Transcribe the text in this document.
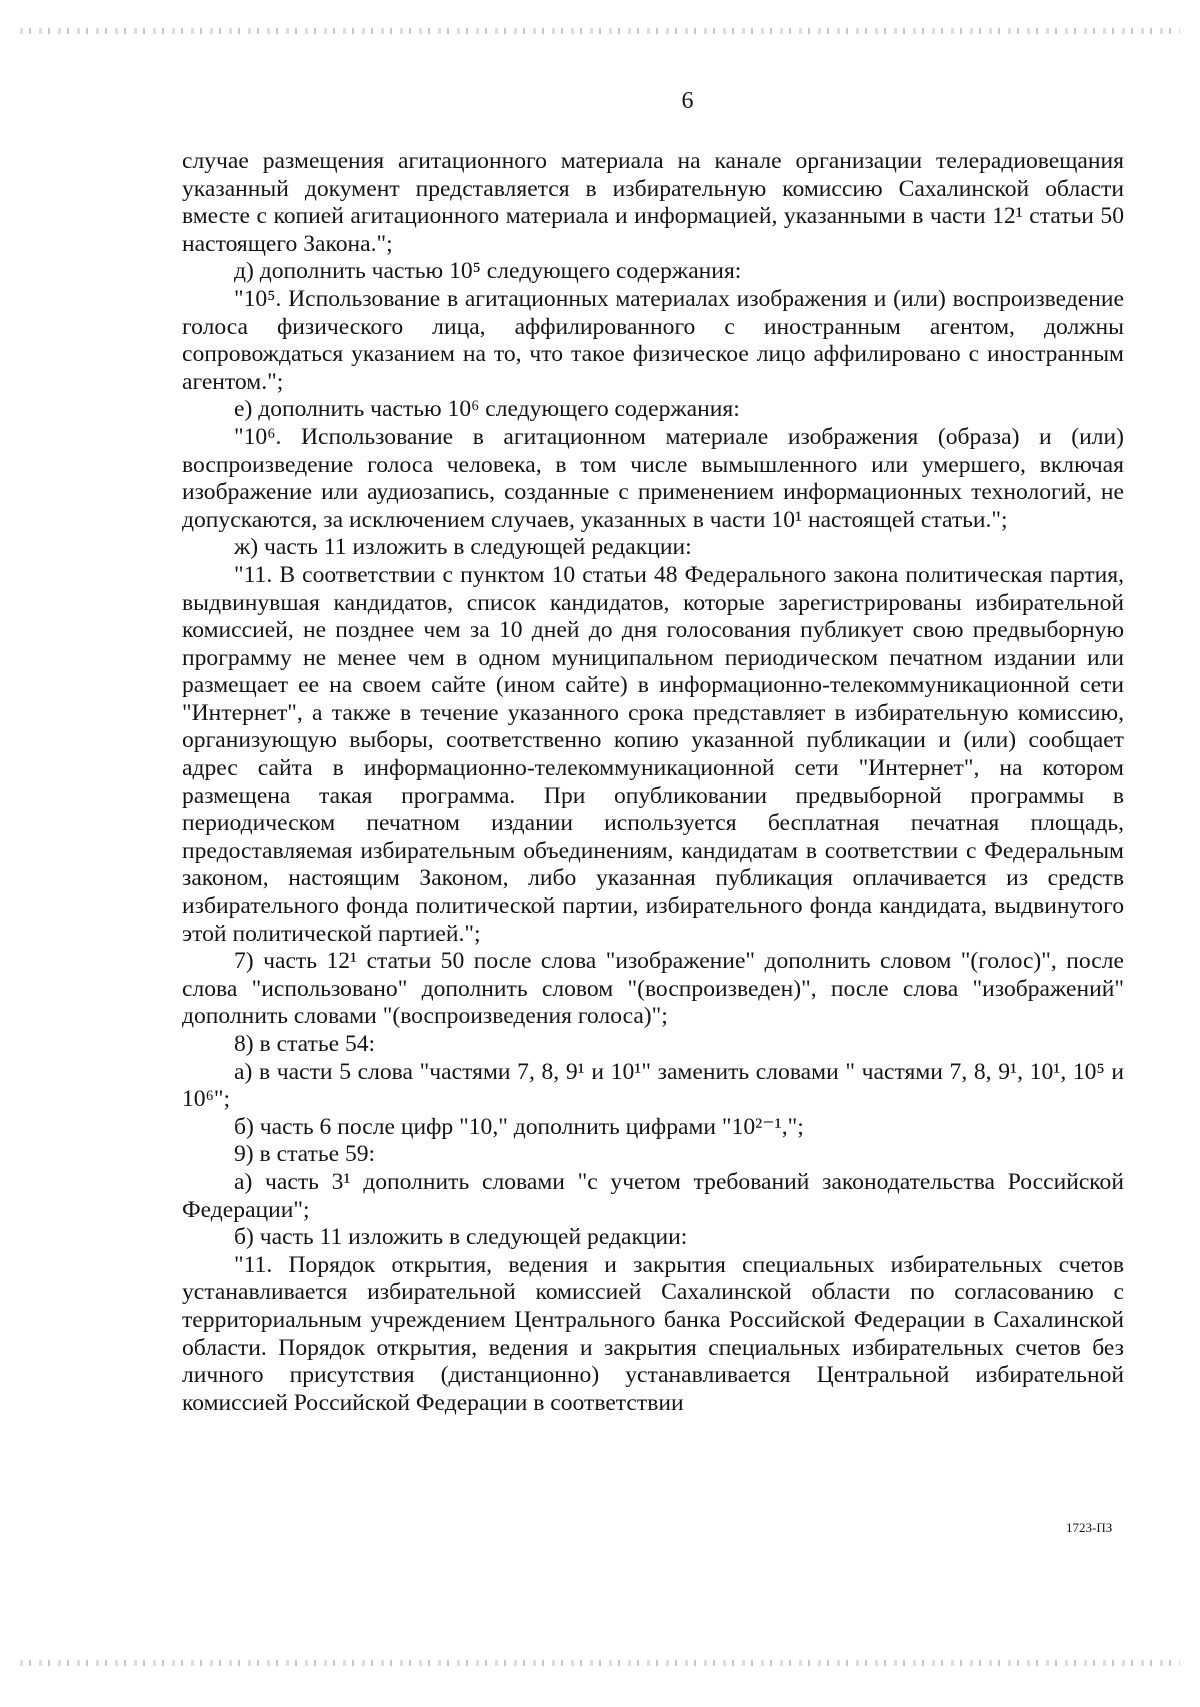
6

случае размещения агитационного материала на канале организации телерадиовещания указанный документ представляется в избирательную комиссию Сахалинской области вместе с копией агитационного материала и информацией, указанными в части 12¹ статьи 50 настоящего Закона.";

д) дополнить частью 10⁵ следующего содержания:

"10⁵. Использование в агитационных материалах изображения и (или) воспроизведение голоса физического лица, аффилированного с иностранным агентом, должны сопровождаться указанием на то, что такое физическое лицо аффилировано с иностранным агентом.";

е) дополнить частью 10⁶ следующего содержания:

"10⁶. Использование в агитационном материале изображения (образа) и (или) воспроизведение голоса человека, в том числе вымышленного или умершего, включая изображение или аудиозапись, созданные с применением информационных технологий, не допускаются, за исключением случаев, указанных в части 10¹ настоящей статьи.";

ж) часть 11 изложить в следующей редакции:

"11. В соответствии с пунктом 10 статьи 48 Федерального закона политическая партия, выдвинувшая кандидатов, список кандидатов, которые зарегистрированы избирательной комиссией, не позднее чем за 10 дней до дня голосования публикует свою предвыборную программу не менее чем в одном муниципальном периодическом печатном издании или размещает ее на своем сайте (ином сайте) в информационно-телекоммуникационной сети "Интернет", а также в течение указанного срока представляет в избирательную комиссию, организующую выборы, соответственно копию указанной публикации и (или) сообщает адрес сайта в информационно-телекоммуникационной сети "Интернет", на котором размещена такая программа. При опубликовании предвыборной программы в периодическом печатном издании используется бесплатная печатная площадь, предоставляемая избирательным объединениям, кандидатам в соответствии с Федеральным законом, настоящим Законом, либо указанная публикация оплачивается из средств избирательного фонда политической партии, избирательного фонда кандидата, выдвинутого этой политической партией.";

7) часть 12¹ статьи 50 после слова "изображение" дополнить словом "(голос)", после слова "использовано" дополнить словом "(воспроизведен)", после слова "изображений" дополнить словами "(воспроизведения голоса)";

8) в статье 54:

а) в части 5 слова "частями 7, 8, 9¹ и 10¹" заменить словами " частями 7, 8, 9¹, 10¹, 10⁵ и 10⁶";

б) часть 6 после цифр "10," дополнить цифрами "10²⁻¹,";

9) в статье 59:

а) часть 3¹ дополнить словами "с учетом требований законодательства Российской Федерации";

б) часть 11 изложить в следующей редакции:

"11. Порядок открытия, ведения и закрытия специальных избирательных счетов устанавливается избирательной комиссией Сахалинской области по согласованию с территориальным учреждением Центрального банка Российской Федерации в Сахалинской области. Порядок открытия, ведения и закрытия специальных избирательных счетов без личного присутствия (дистанционно) устанавливается Центральной избирательной комиссией Российской Федерации в соответствии

1723-ПЗ
